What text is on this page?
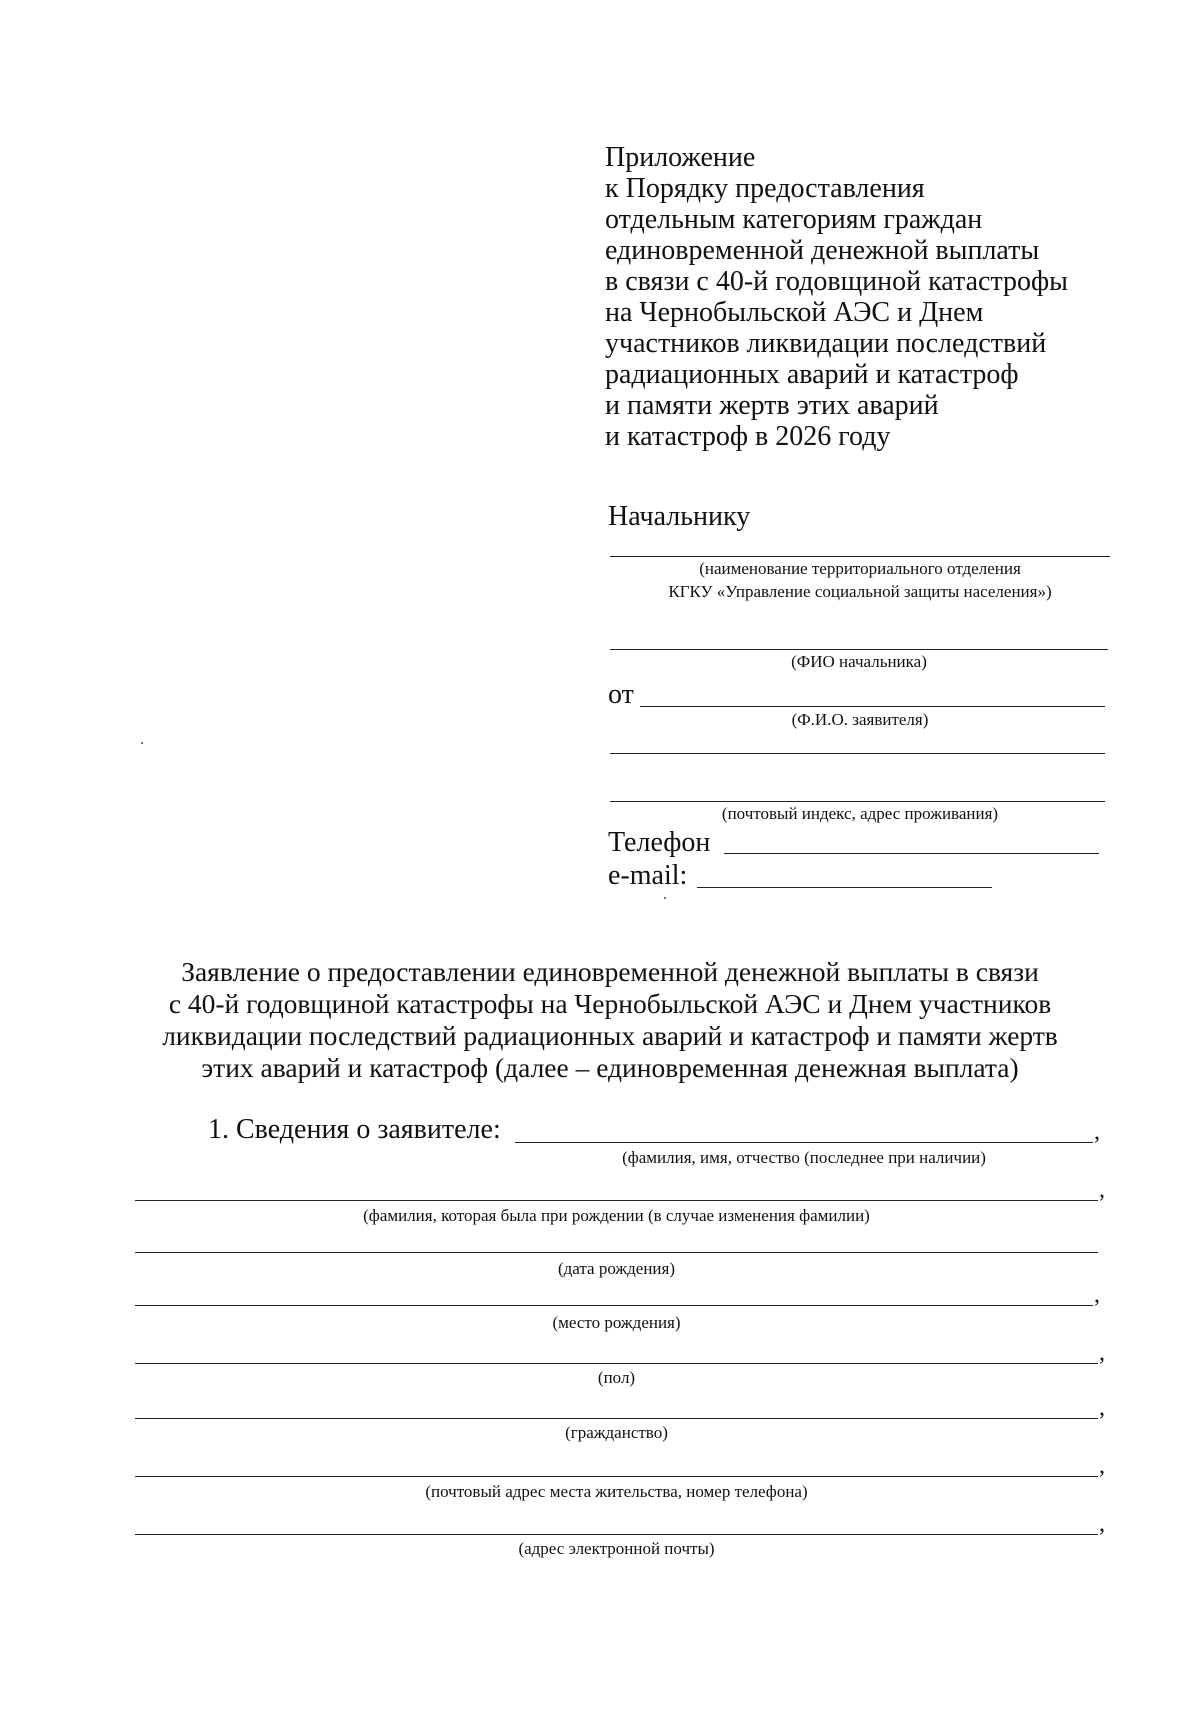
Приложение
к Порядку предоставления
отдельным категориям граждан
единовременной денежной выплаты
в связи с 40-й годовщиной катастрофы
на Чернобыльской АЭС и Днем
участников ликвидации последствий
радиационных аварий и катастроф
и памяти жертв этих аварий
и катастроф в 2026 году
Начальнику
(наименование территориального отделения
КГКУ «Управление социальной защиты населения»)
(ФИО начальника)
от
(Ф.И.О. заявителя)
(почтовый индекс, адрес проживания)
Телефон
e-mail:
Заявление о предоставлении единовременной денежной выплаты в связи
с 40-й годовщиной катастрофы на Чернобыльской АЭС и Днем участников
ликвидации последствий радиационных аварий и катастроф и памяти жертв
этих аварий и катастроф (далее – единовременная денежная выплата)
1. Сведения о заявителе:	,
(фамилия, имя, отчество (последнее при наличии)
,
(фамилия, которая была при рождении (в случае изменения фамилии)
(дата рождения)
,
(место рождения)
,
(пол)
,
(гражданство)
,
(почтовый адрес места жительства, номер телефона)
,
(адрес электронной почты)
